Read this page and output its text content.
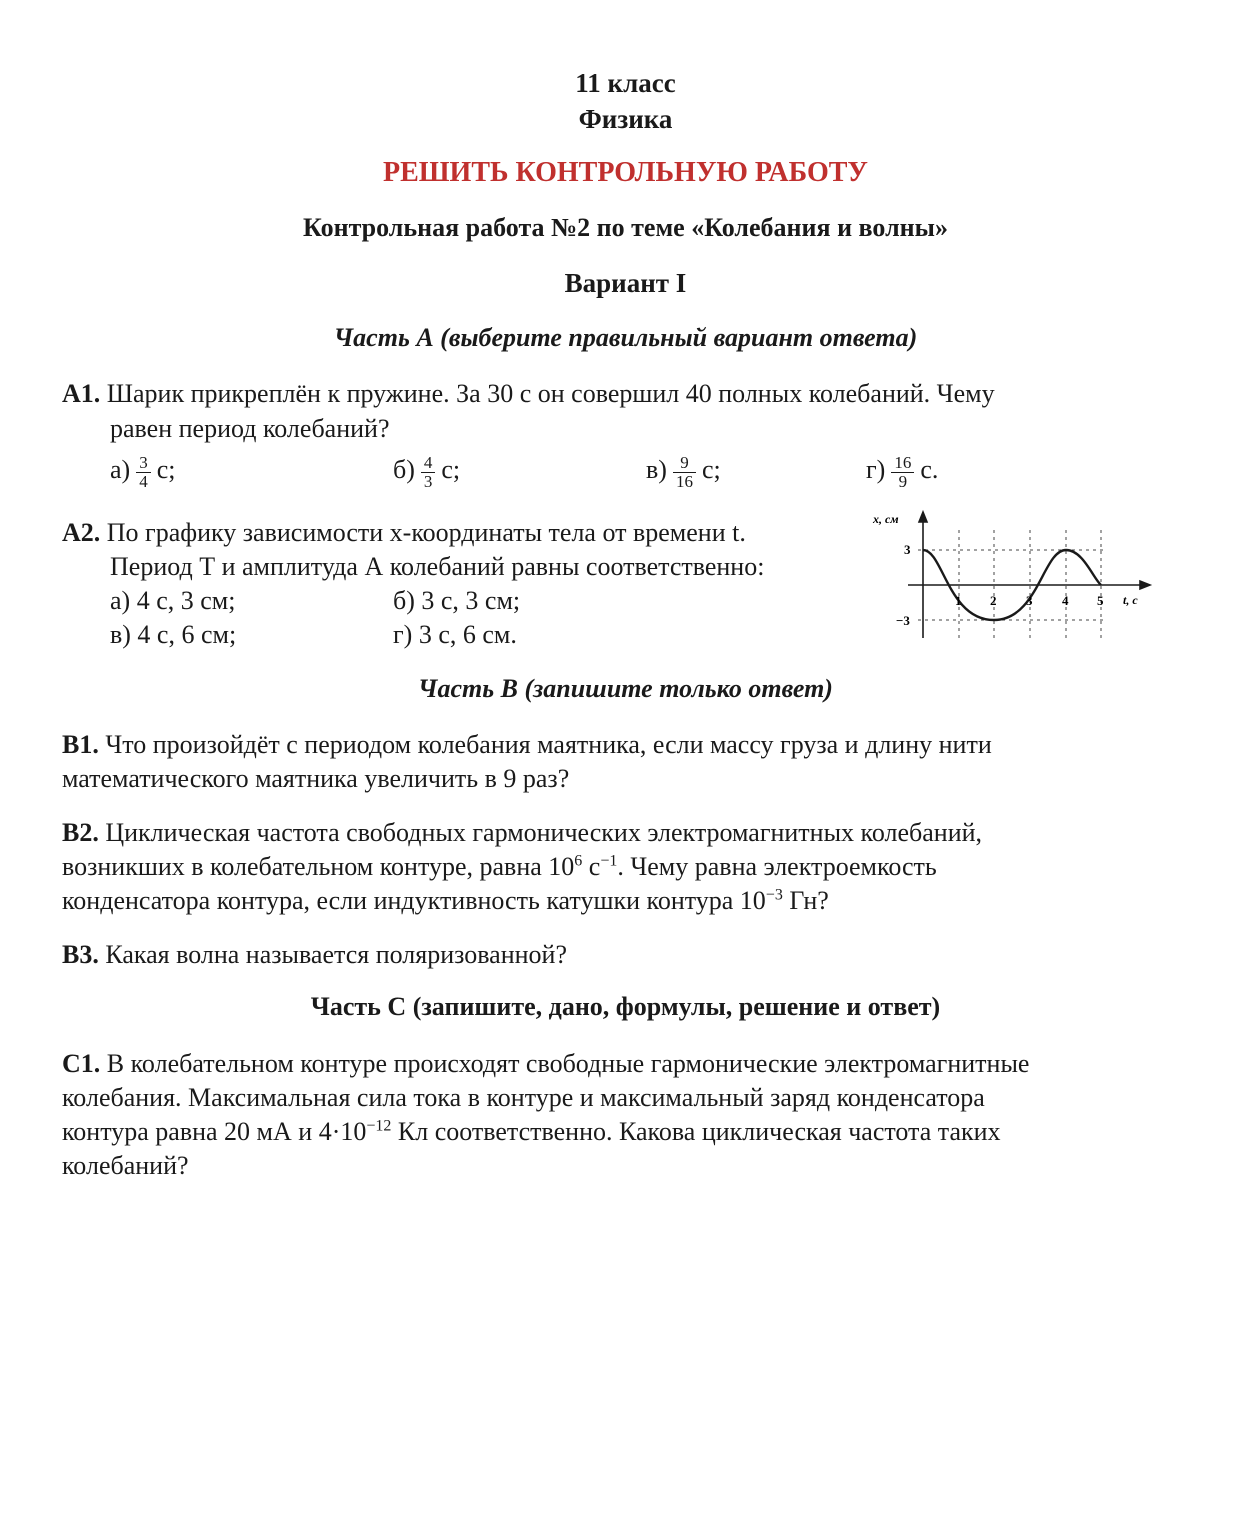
11 класс
Физика
РЕШИТЬ КОНТРОЛЬНУЮ РАБОТУ
Контрольная работа №2 по теме «Колебания и волны»
Вариант I
Часть А (выберите правильный вариант ответа)
А1. Шарик прикреплён к пружине. За 30 с он совершил 40 полных колебаний. Чему
равен период колебаний?
$а) \frac{3}{4} с$;	$б) \frac{4}{3} с$;	$в) \frac{9}{16} с$;	$г) \frac{16}{9} с$.
А2. По графику зависимости х-координаты тела от времени t.
Период Т и амплитуда А колебаний равны соответственно:
а) 4 с, 3 см;	б) 3 с, 3 см;
в) 4 с, 6 см;	г) 3 с, 6 см.
x, см
t, с
3
−3
1 2 3 4 5
Часть В (запишите только ответ)
В1. Что произойдёт с периодом колебания маятника, если массу груза и длину нити
математического маятника увеличить в 9 раз?
В2. Циклическая частота свободных гармонических электромагнитных колебаний,
возникших в колебательном контуре, равна $10^6$ $с^{-1}$. Чему равна электроемкость
конденсатора контура, если индуктивность катушки контура $10^{-3}$ Гн?
В3. Какая волна называется поляризованной?
Часть С (запишите, дано, формулы, решение и ответ)
С1. В колебательном контуре происходят свободные гармонические электромагнитные
колебания. Максимальная сила тока в контуре и максимальный заряд конденсатора
контура равна 20 мА и $4\cdot 10^{-12}$ Кл соответственно. Какова циклическая частота таких
колебаний?
